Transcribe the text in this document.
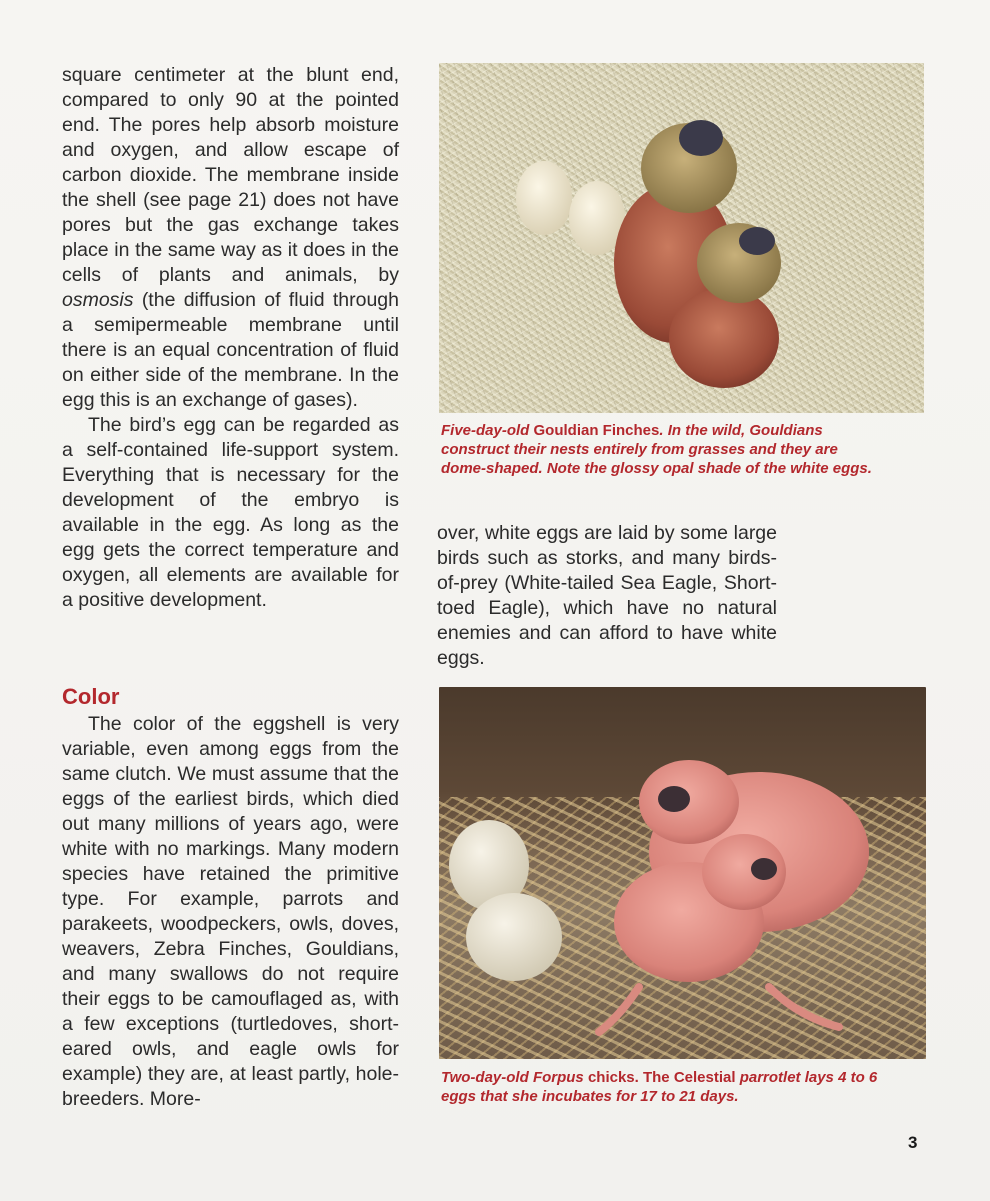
square centimeter at the blunt end, compared to only 90 at the pointed end. The pores help absorb moisture and oxygen, and allow escape of carbon dioxide. The membrane inside the shell (see page 21) does not have pores but the gas exchange takes place in the same way as it does in the cells of plants and animals, by osmosis (the diffusion of fluid through a semipermeable membrane until there is an equal concentration of fluid on either side of the membrane. In the egg this is an exchange of gases).

The bird’s egg can be regarded as a self-contained life-support system. Everything that is necessary for the development of the embryo is available in the egg. As long as the egg gets the correct temperature and oxygen, all elements are available for a positive development.

Color

The color of the eggshell is very variable, even among eggs from the same clutch. We must assume that the eggs of the earliest birds, which died out many millions of years ago, were white with no markings. Many modern species have retained the primitive type. For example, parrots and parakeets, woodpeckers, owls, doves, weavers, Zebra Finches, Gouldians, and many swallows do not require their eggs to be camouflaged as, with a few exceptions (turtledoves, short-eared owls, and eagle owls for example) they are, at least partly, hole-breeders. More-

Five-day-old Gouldian Finches. In the wild, Gouldians construct their nests entirely from grasses and they are dome-shaped. Note the glossy opal shade of the white eggs.

over, white eggs are laid by some large birds such as storks, and many birds-of-prey (White-tailed Sea Eagle, Short-toed Eagle), which have no natural enemies and can afford to have white eggs.

Two-day-old Forpus chicks. The Celestial parrotlet lays 4 to 6 eggs that she incubates for 17 to 21 days.

3
